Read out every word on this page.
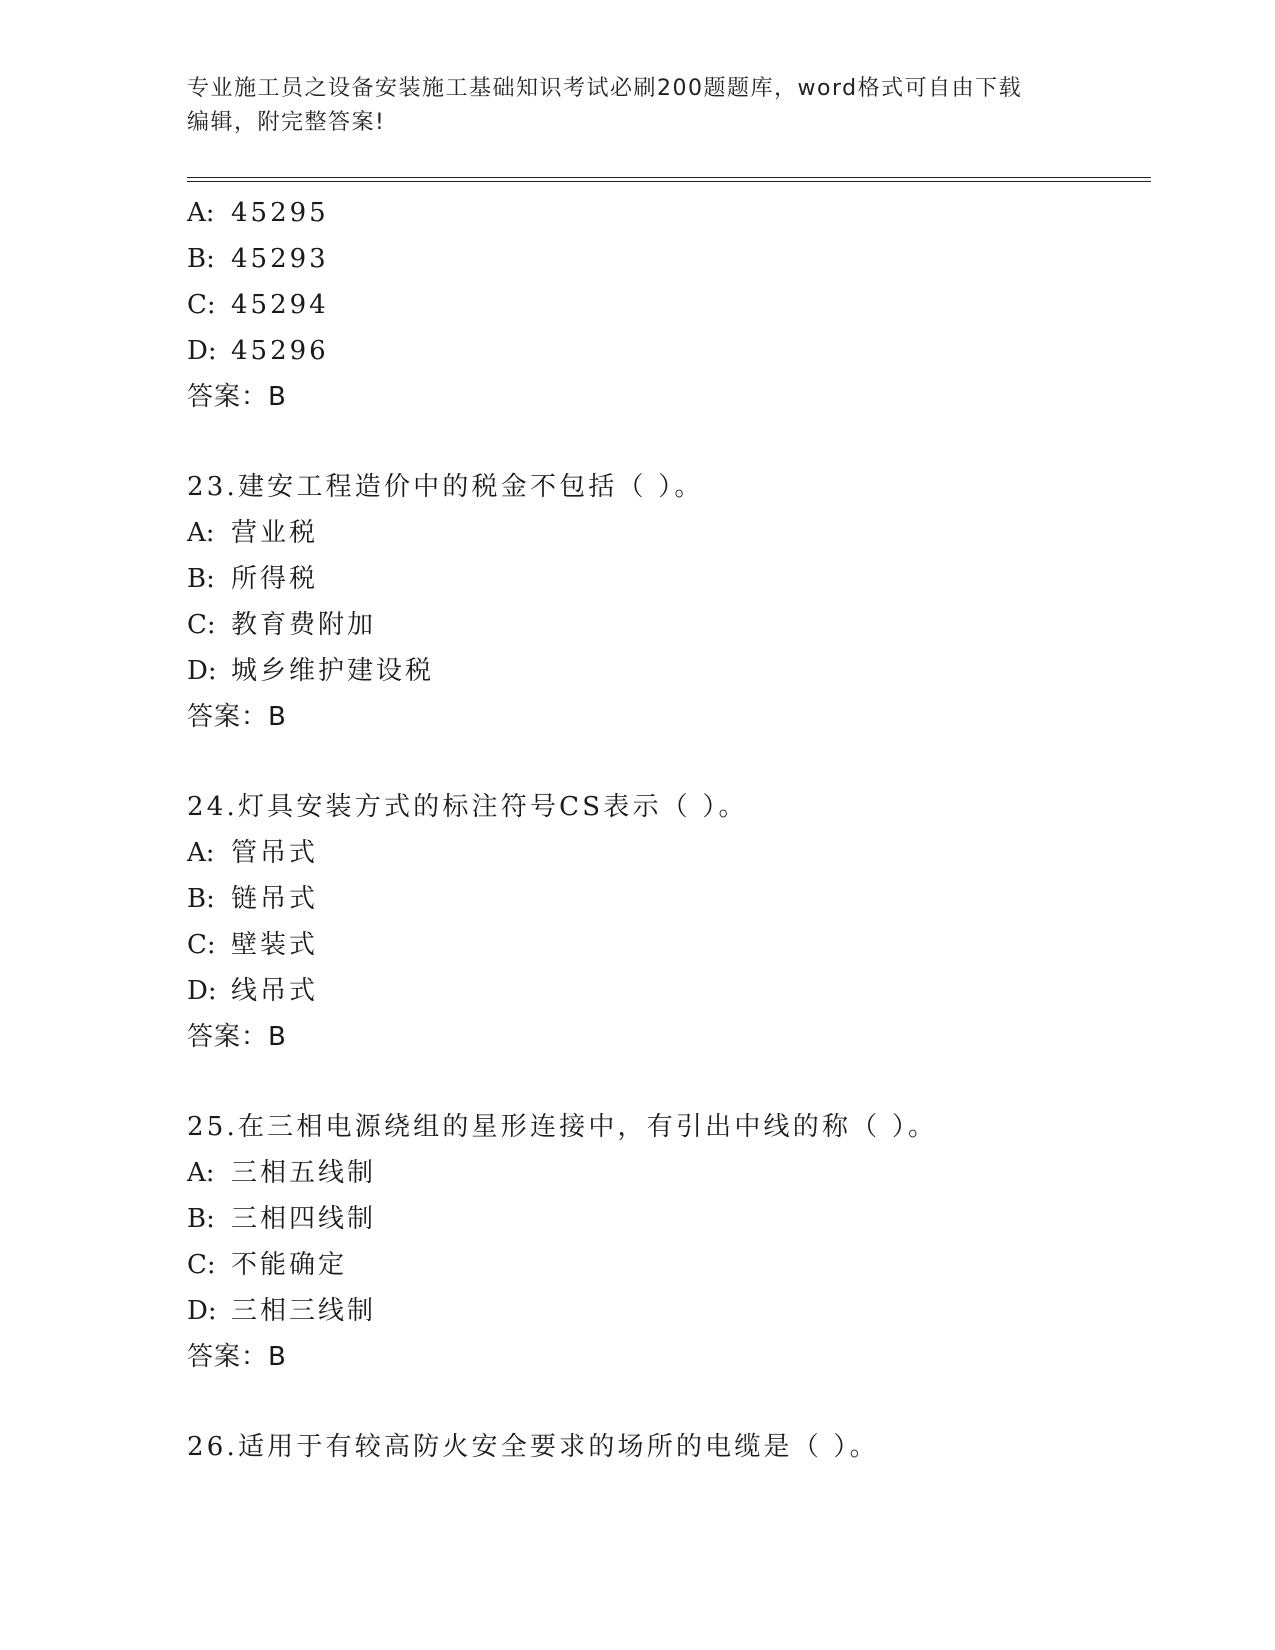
专业施工员之设备安装施工基础知识考试必刷200题题库，word格式可自由下载
编辑，附完整答案!
A: 45295
B: 45293
C: 45294
D: 45296
答案：B
23.建安工程造价中的税金不包括（ ）。
A: 营业税
B: 所得税
C: 教育费附加
D: 城乡维护建设税
答案：B
24.灯具安装方式的标注符号CS表示（ ）。
A: 管吊式
B: 链吊式
C: 壁装式
D: 线吊式
答案：B
25.在三相电源绕组的星形连接中，有引出中线的称（ ）。
A: 三相五线制
B: 三相四线制
C: 不能确定
D: 三相三线制
答案：B
26.适用于有较高防火安全要求的场所的电缆是（ ）。
